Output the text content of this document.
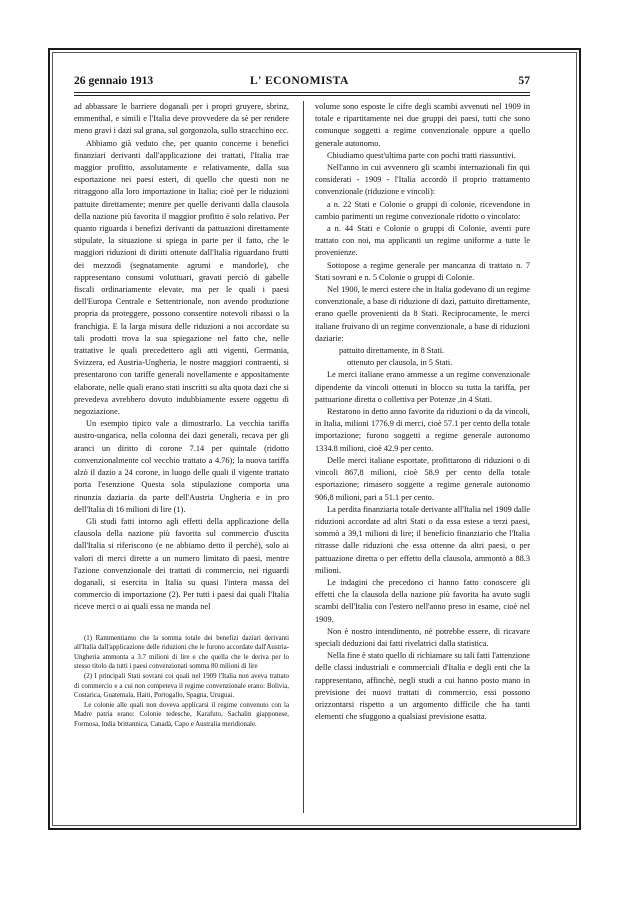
26 gennaio 1913	L' ECONOMISTA	57

ad abbassare le barriere doganali per i propri gruyere, sbrinz, emmenthal, e simili e l'Italia deve provvedere da sè per rendere meno gravi i dazi sul grana, sul gorgonzola, sullo stracchino ecc.

Abbiamo già veduto che, per quanto concerne i benefici finanziari derivanti dall'applicazione dei trattati, l'Italia trae maggior profitto, assolutamente e relativamente, dalla sua esportazione nei paesi esteri, di quello che questi non ne ritraggono alla loro importazione in Italia; cioè per le riduzioni pattuite direttamente; mentre per quelle derivanti dalla clausola della nazione più favorita il maggior profitto è solo relativo. Per quanto riguarda i benefizi derivanti da pattuazioni direttamente stipulate, la situazione si spiega in parte per il fatto, che le maggiori riduzioni di diritti ottenute dall'Italia riguardano frutti dei mezzodì (segnatamente agrumi e mandorle), che rappresentano consumi voluttuari, gravati perciò di gabelle fiscali ordinariamente elevate, ma per le quali i paesi dell'Europa Centrale e Settentrionale, non avendo produzione propria da proteggere, possono consentire notevoli ribassi o la franchigia. E la larga misura delle riduzioni a noi accordate su tali prodotti trova la sua spiegazione nel fatto che, nelle trattative le quali precedettero agli atti vigenti, Germania, Svizzera, ed Austria-Ungheria, le nostre maggiori contraenti, si presentarono con tariffe generali novellamente e appositamente elaborate, nelle quali erano stati inscritti su alta quota dazi che si prevedeva avrebbero dovuto indubbiamente essere oggetto di negoziazione.

Un esempio tipico vale a dimostrarlo. La vecchia tariffa austro-ungarica, nella colonna dei dazi generali, recava per gli aranci un diritto di corone 7.14 per quintale (ridotto convenzionalmente col vecchio trattato a 4.76); la nuova tariffa alzò il dazio a 24 corone, in luogo delle quali il vigente trattato porta l'esenzione Questa sola stipulazione comporta una rinunzia daziaria da parte dell'Austria Ungheria e in pro dell'Italia di 16 milioni di lire (1).

Gli studi fatti intorno agli effetti della applicazione della clausola della nazione più favorita sul commercio d'uscita dall'Italia si riferiscono (e ne abbiamo detto il perchè), solo ai valori di merci dirette a un numero limitato di paesi, mentre l'azione convenzionale dei trattati di commercio, nei riguardi doganali, si esercita in Italia su quasi l'intera massa del commercio di importazione (2). Per tutti i paesi dai quali l'Italia riceve merci o ai quali essa ne manda nel

(1) Rammentiamo che la somma totale dei benefizi daziari derivanti all'Italia dall'applicazione delle riduzioni che le furono accordate dall'Austria-Ungheria ammonta a 3.7 milioni di lire e che quella che le deriva per lo stesso titolo da tutti i paesi convenzionati somma 80 milioni di lire

(2) I principali Stati sovrani coi quali nel 1909 l'Italia non aveva trattato di commercio e a cui non competeva il regime convenzionale erano: Bolivia, Costarica, Guatemala, Haiti, Portogallo, Spagna, Uruguai.

Le colonie alle quali non doveva applicarsi il regime convenuto con la Madre patria erano: Colonie tedesche, Karafuto, Sachalin giapponese, Formosa, India brittannica, Canadà, Capo e Australia meridionale.

volume sono esposte le cifre degli scambi avvenuti nel 1909 in totale e ripartitamente nei due gruppi dei paesi, tutti che sono comunque soggetti a regime convenzionale oppure a quello generale autonomo.

Chiudiamo quest'ultima parte con pochi tratti riassuntivi.

Nell'anno in cui avvennero gli scambi internazionali fin qui considerati - 1909 - l'Italia accordò il proprio trattamento convenzionale (riduzione e vincoli):

a n. 22 Stati e Colonie o gruppi di colonie, ricevendone in cambio parimenti un regime convezionale ridotto o vincolato:

a n. 44 Stati e Colonie o gruppi di Colonie, aventi pure trattato con noi, ma applicanti un regime uniforme a tutte le provenienze.

Sottopose a regime generale per mancanza di trattato n. 7 Stati sovrani e n. 5 Colonie o gruppi di Colonie.

Nel 1900, le merci estere che in Italia godevano di un regime convenzionale, a base di riduzione di dazi, pattuito direttamente, erano quelle provenienti da 8 Stati. Reciprocamente, le merci italiane fruivano di un regime convenzionale, a base di riduzioni daziarie:

pattuito direttamente, in 8 Stati.

ottenuto per clausola, in 5 Stati.

Le merci italiane erano ammesse a un regime convenzionale dipendente da vincoli ottenuti in blocco su tutta la tariffa, per pattuarione diretta o collettiva per Potenze ,in 4 Stati.

Restarono in detto anno favorite da riduzioni o da da vincoli, in Italia, milioni 1776.9 di merci, cioè 57.1 per cento della totale importazione; furono soggetti a regime generale autonomo 1334.8 milioni, cioè 42.9 per cento.

Delle merci italiane esportate, profittarono di riduzioni o di vincoli 867,8 milioni, cioè 58.9 per cento della totale esportazione; rimasero soggette a regime generale autonomo 906,8 milioni, pari a 51.1 per cento.

La perdita finanziaria totale derivante all'Italia nel 1909 dalle riduzioni accordate ad altri Stati o da essa estese a terzi paesi, sommò a 39,1 milioni di lire; il beneficio finanziario che l'Italia ritrasse dalle riduzioni che essa ottenne da altri paesi, o per pattuazione diretta o per effetto della clausola, ammontò a 88.3 milioni.

Le indagini che precedono ci hanno fatto conoscere gli effetti che la clausola della nazione più favorita ha avuto sugli scambi dell'Italia con l'estero nell'anno preso in esame, cioè nel 1909.

Non è nostro intendimento, nè potrebbe essere, di ricavare speciali deduzioni dai fatti rivelatrici dalla statistica.

Nella fine è stato quello di richiamare su tali fatti l'attenzione delle classi industriali e commerciali d'Italia e degli enti che la rappresentano, affinchè, negli studi a cui hanno posto mano in previsione dei nuovi trattati di commercio, essi possono orizzontarsi rispetto a un argomento difficile che ha tanti elementi che sfuggono a qualsiasi previsione esatta.
